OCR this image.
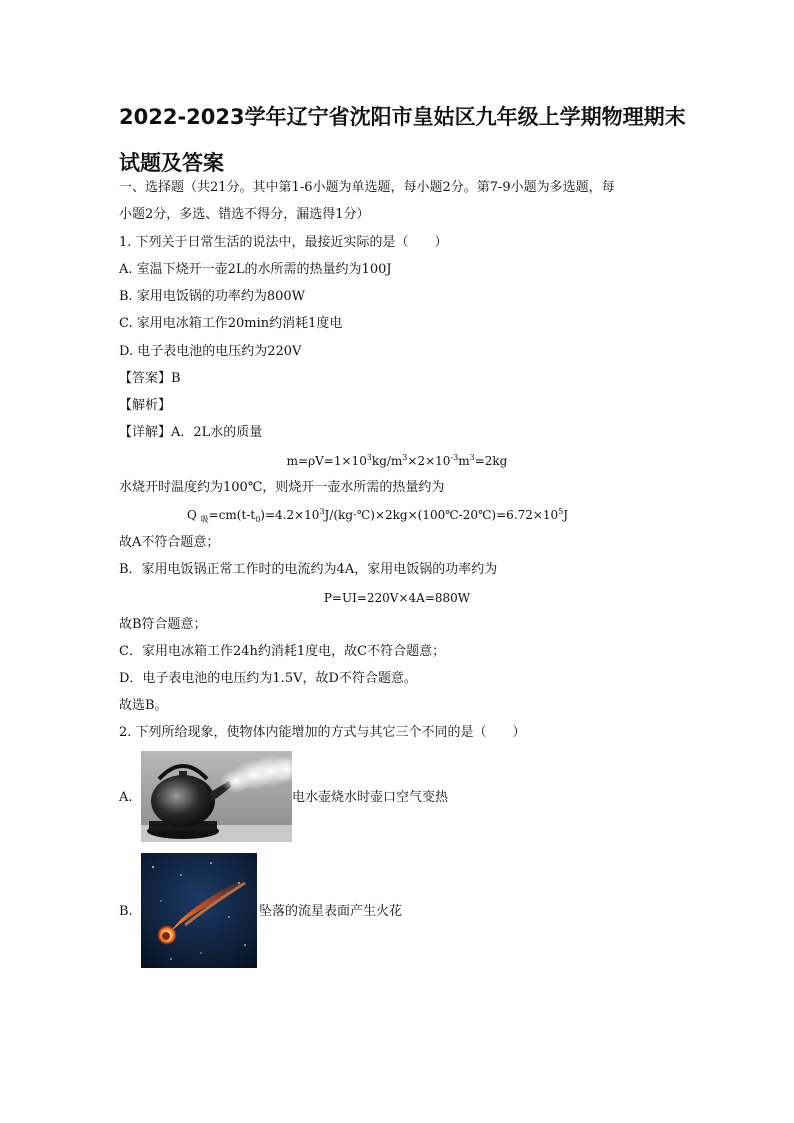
2022-2023学年辽宁省沈阳市皇姑区九年级上学期物理期末试题及答案
一、选择题（共21分。其中第1-6小题为单选题，每小题2分。第7-9小题为多选题，每
小题2分，多选、错选不得分，漏选得1分）
1. 下列关于日常生活的说法中，最接近实际的是（　　）
A. 室温下烧开一壶2L的水所需的热量约为100J
B. 家用电饭锅的功率约为800W
C. 家用电冰箱工作20min约消耗1度电
D. 电子表电池的电压约为220V
【答案】B
【解析】
【详解】A．2L水的质量
$m=\rho V=1\times 10^3kg/m^3\times 2\times 10^{-3}m^3=2kg$
水烧开时温度约为100℃，则烧开一壶水所需的热量约为
Q $_吸=cm(t-t_0)=4.2\times 10^3J/(kg\cdot℃)\times 2kg\times(100℃-20℃)=6.72\times 10^5J$
故A不符合题意；
B．家用电饭锅正常工作时的电流约为4A，家用电饭锅的功率约为
P=UI=220V×4A=880W
故B符合题意；
C．家用电冰箱工作24h约消耗1度电，故C不符合题意；
D．电子表电池的电压约为1.5V，故D不符合题意。
故选B。
2. 下列所给现象，使物体内能增加的方式与其它三个不同的是（　　）
A.	电水壶烧水时壶口空气变热
B.	坠落的流星表面产生火花
